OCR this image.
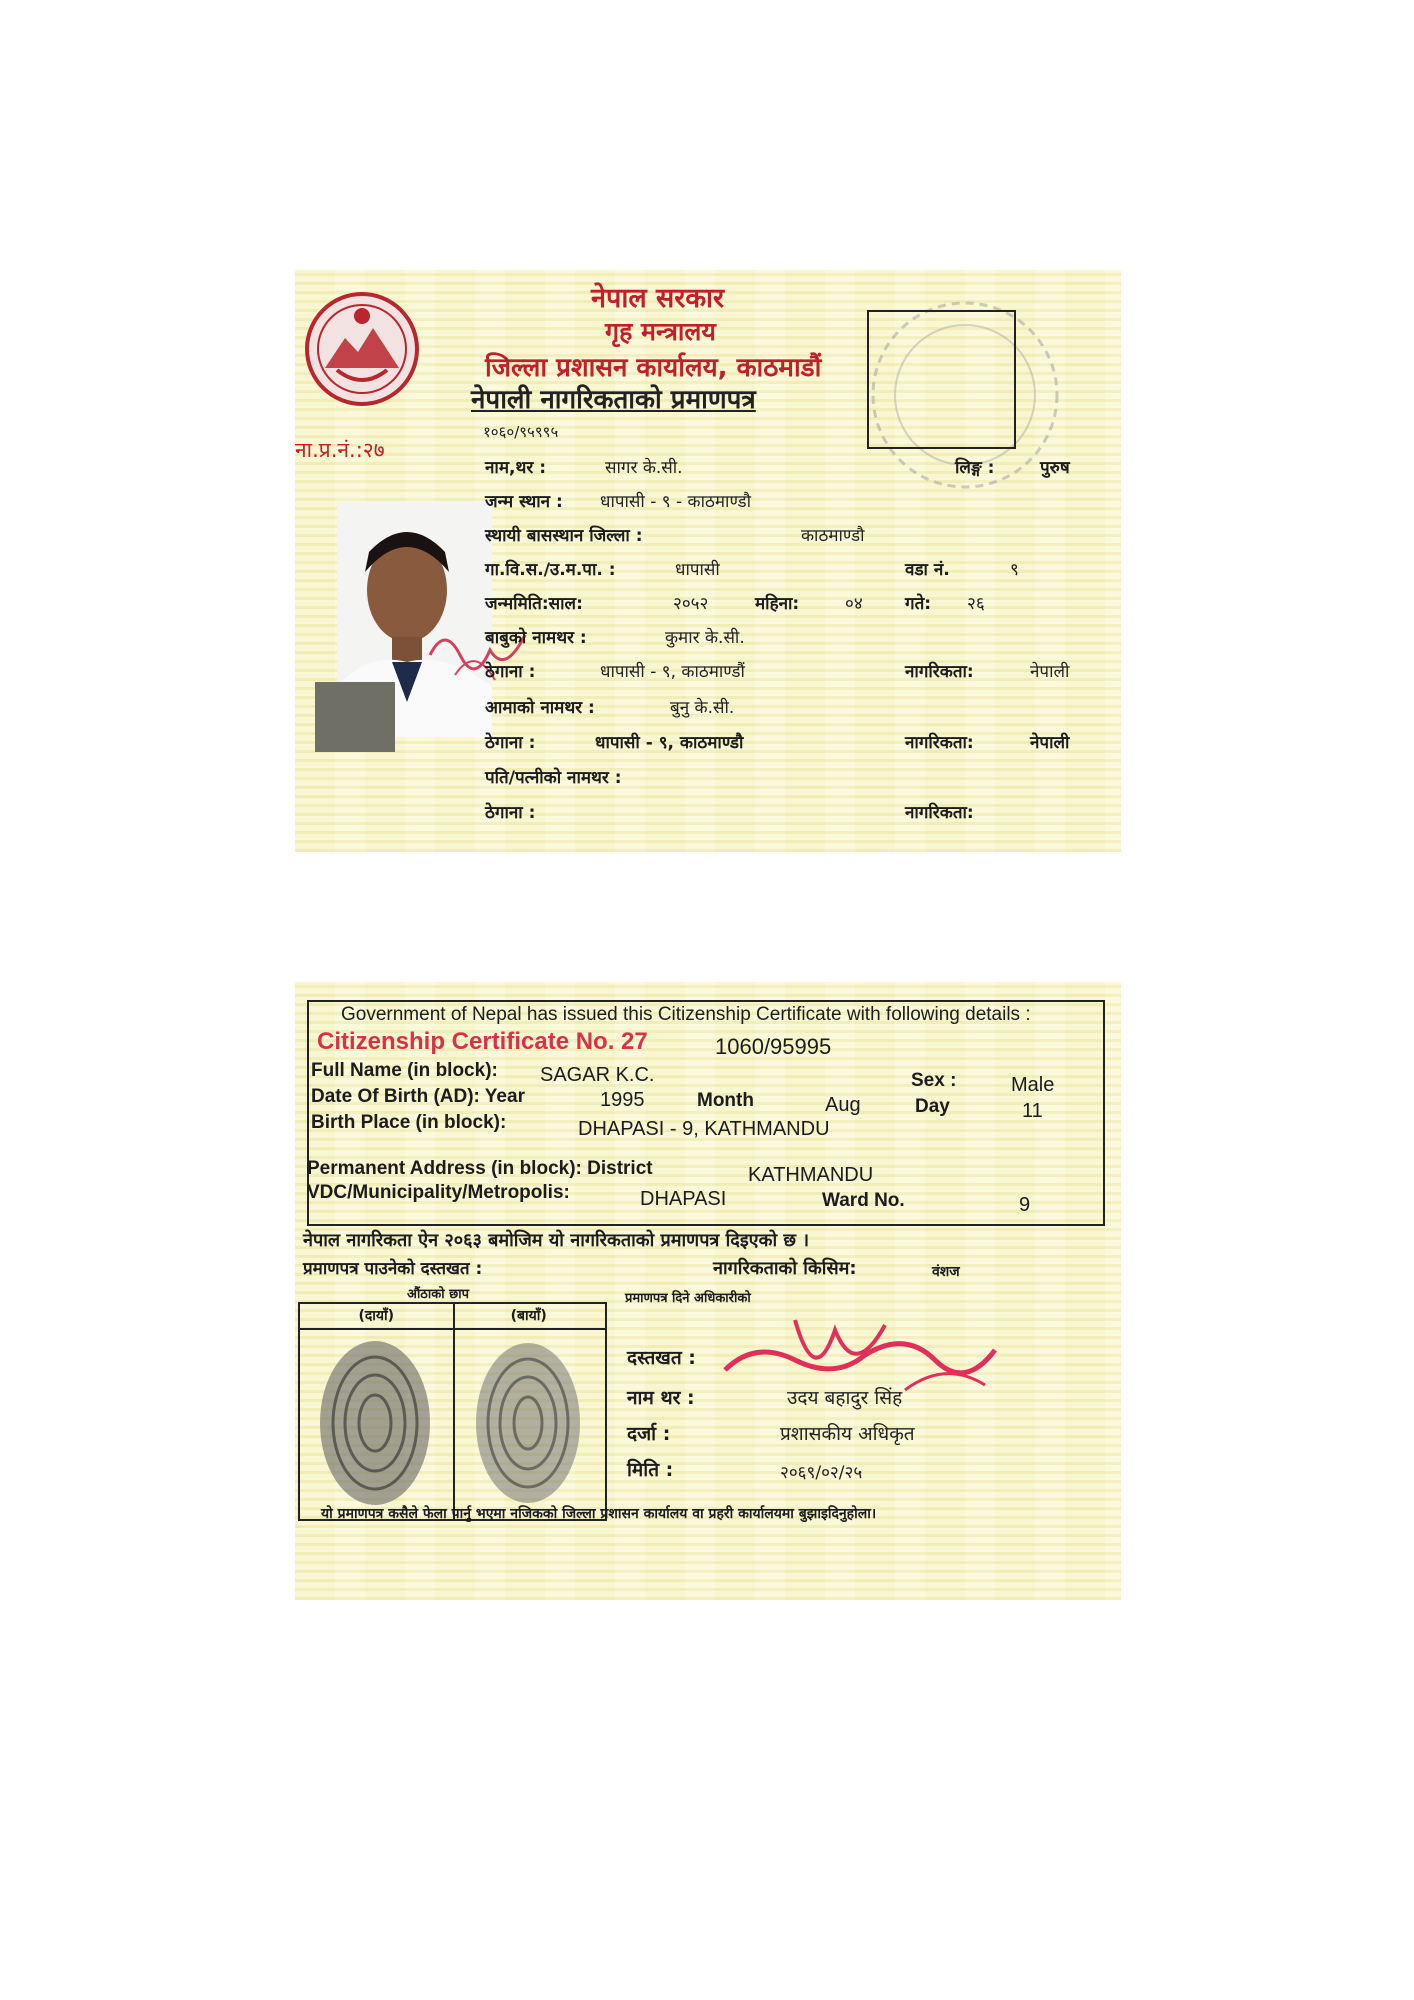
नेपाल सरकार
गृह मन्त्रालय
जिल्ला प्रशासन कार्यालय, काठमाडौं
नेपाली नागरिकताको प्रमाणपत्र
१०६०/९५९९५
ना.प्र.नं.:२७
नाम,थर :	सागर के.सी.	लिङ्ग :	पुरुष
जन्म स्थान : धापासी - ९ - काठमाण्डौ
स्थायी बासस्थान जिल्ला :	काठमाण्डौ
गा.वि.स./उ.म.पा. :	धापासी	वडा नं.	९
जन्ममिति:साल:	२०५२	महिना:	०४ गते: २६
बाबुको नामथर :	कुमार के.सी.
ठेगाना :	धापासी - ९, काठमाण्डौं	नागरिकता:	नेपाली
आमाको नामथर :	बुनु के.सी.
ठेगाना :	धापासी - ९, काठमाण्डौ	नागरिकता:	नेपाली
पति/पत्नीको नामथर :
ठेगाना :	नागरिकता:
Government of Nepal has issued this Citizenship Certificate with following details :
Citizenship Certificate No. 27	1060/95995
Full Name (in block): SAGAR K.C.
Date Of Birth (AD): Year	1995	Month	Aug
Sex :	Male
Day	11
Birth Place (in block):	DHAPASI - 9, KATHMANDU
Permanent Address (in block): District	KATHMANDU
VDC/Municipality/Metropolis:	DHAPASI	Ward No.	9
नेपाल नागरिकता ऐन २०६३ बमोजिम यो नागरिकताको प्रमाणपत्र दिइएको छ ।
प्रमाणपत्र पाउनेको दस्तखत :	नागरिकताको किसिम:	वंशज
औंठाको छाप
(दायाँ)	(बायाँ)
प्रमाणपत्र दिने अधिकारीको
दस्तखत :
नाम थर :	उदय बहादुर सिंह
दर्जा :	प्रशासकीय अधिकृत
मिति :	२०६९/०२/२५
यो प्रमाणपत्र कसैले फेला पार्नु भएमा नजिकको जिल्ला प्रशासन कार्यालय वा प्रहरी कार्यालयमा बुझाइदिनुहोला।
